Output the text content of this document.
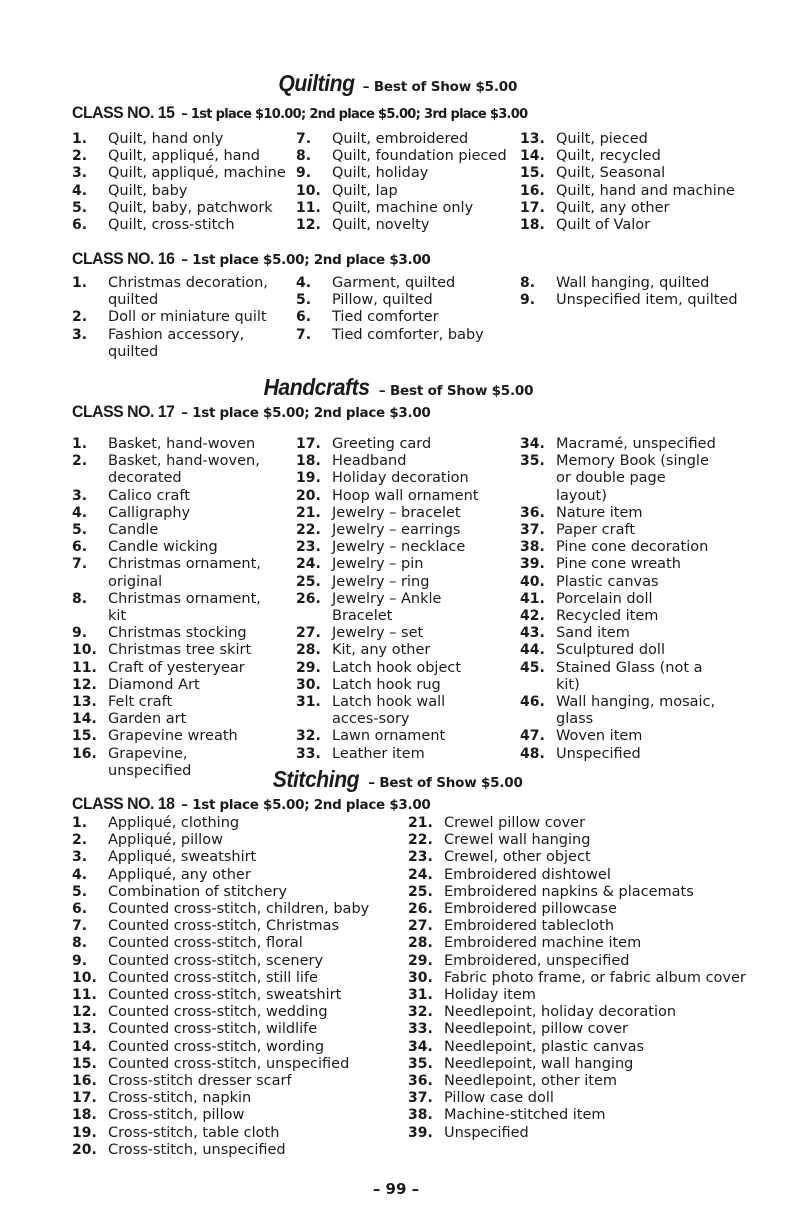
Quilting – Best of Show $5.00
CLASS NO. 15 – 1st place $10.00; 2nd place $5.00; 3rd place $3.00
1. Quilt, hand only
2. Quilt, appliqué, hand
3. Quilt, appliqué, machine
4. Quilt, baby
5. Quilt, baby, patchwork
6. Quilt, cross-stitch
7. Quilt, embroidered
8. Quilt, foundation pieced
9. Quilt, holiday
10. Quilt, lap
11. Quilt, machine only
12. Quilt, novelty
13. Quilt, pieced
14. Quilt, recycled
15. Quilt, Seasonal
16. Quilt, hand and machine
17. Quilt, any other
18. Quilt of Valor
CLASS NO. 16 – 1st place $5.00; 2nd place $3.00
1. Christmas decoration, quilted
2. Doll or miniature quilt
3. Fashion accessory, quilted
4. Garment, quilted
5. Pillow, quilted
6. Tied comforter
7. Tied comforter, baby
8. Wall hanging, quilted
9. Unspecified item, quilted
Handcrafts – Best of Show $5.00
CLASS NO. 17 – 1st place $5.00; 2nd place $3.00
1. Basket, hand-woven
2. Basket, hand-woven, decorated
3. Calico craft
4. Calligraphy
5. Candle
6. Candle wicking
7. Christmas ornament, original
8. Christmas ornament, kit
9. Christmas stocking
10. Christmas tree skirt
11. Craft of yesteryear
12. Diamond Art
13. Felt craft
14. Garden art
15. Grapevine wreath
16. Grapevine, unspecified
17. Greeting card
18. Headband
19. Holiday decoration
20. Hoop wall ornament
21. Jewelry – bracelet
22. Jewelry – earrings
23. Jewelry – necklace
24. Jewelry – pin
25. Jewelry – ring
26. Jewelry – Ankle Bracelet
27. Jewelry – set
28. Kit, any other
29. Latch hook object
30. Latch hook rug
31. Latch hook wall acces-sory
32. Lawn ornament
33. Leather item
34. Macramé, unspecified
35. Memory Book (single or double page layout)
36. Nature item
37. Paper craft
38. Pine cone decoration
39. Pine cone wreath
40. Plastic canvas
41. Porcelain doll
42. Recycled item
43. Sand item
44. Sculptured doll
45. Stained Glass (not a kit)
46. Wall hanging, mosaic, glass
47. Woven item
48. Unspecified
Stitching – Best of Show $5.00
CLASS NO. 18 – 1st place $5.00; 2nd place $3.00
1. Appliqué, clothing
2. Appliqué, pillow
3. Appliqué, sweatshirt
4. Appliqué, any other
5. Combination of stitchery
6. Counted cross-stitch, children, baby
7. Counted cross-stitch, Christmas
8. Counted cross-stitch, floral
9. Counted cross-stitch, scenery
10. Counted cross-stitch, still life
11. Counted cross-stitch, sweatshirt
12. Counted cross-stitch, wedding
13. Counted cross-stitch, wildlife
14. Counted cross-stitch, wording
15. Counted cross-stitch, unspecified
16. Cross-stitch dresser scarf
17. Cross-stitch, napkin
18. Cross-stitch, pillow
19. Cross-stitch, table cloth
20. Cross-stitch, unspecified
21. Crewel pillow cover
22. Crewel wall hanging
23. Crewel, other object
24. Embroidered dishtowel
25. Embroidered napkins & placemats
26. Embroidered pillowcase
27. Embroidered tablecloth
28. Embroidered machine item
29. Embroidered, unspecified
30. Fabric photo frame, or fabric album cover
31. Holiday item
32. Needlepoint, holiday decoration
33. Needlepoint, pillow cover
34. Needlepoint, plastic canvas
35. Needlepoint, wall hanging
36. Needlepoint, other item
37. Pillow case doll
38. Machine-stitched item
39. Unspecified
– 99 –
